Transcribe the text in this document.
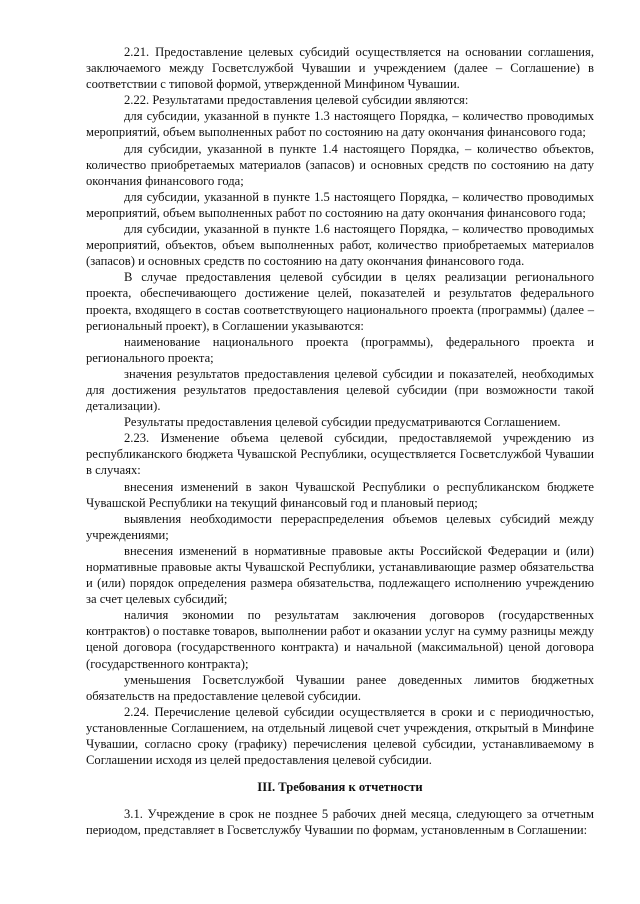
2.21. Предоставление целевых субсидий осуществляется на основании соглашения, заключаемого между Госветслужбой Чувашии и учреждением (далее – Соглашение) в соответствии с типовой формой, утвержденной Минфином Чувашии.

2.22. Результатами предоставления целевой субсидии являются:

для субсидии, указанной в пункте 1.3 настоящего Порядка, – количество проводимых мероприятий, объем выполненных работ по состоянию на дату окончания финансового года;

для субсидии, указанной в пункте 1.4 настоящего Порядка, – количество объектов, количество приобретаемых материалов (запасов) и основных средств по состоянию на дату окончания финансового года;

для субсидии, указанной в пункте 1.5 настоящего Порядка, – количество проводимых мероприятий, объем выполненных работ по состоянию на дату окончания финансового года;

для субсидии, указанной в пункте 1.6 настоящего Порядка, – количество проводимых мероприятий, объектов, объем выполненных работ, количество приобретаемых материалов (запасов) и основных средств по состоянию на дату окончания финансового года.

В случае предоставления целевой субсидии в целях реализации регионального проекта, обеспечивающего достижение целей, показателей и результатов федерального проекта, входящего в состав соответствующего национального проекта (программы) (далее – региональный проект), в Соглашении указываются:

наименование национального проекта (программы), федерального проекта и регионального проекта;

значения результатов предоставления целевой субсидии и показателей, необходимых для достижения результатов предоставления целевой субсидии (при возможности такой детализации).

Результаты предоставления целевой субсидии предусматриваются Соглашением.

2.23. Изменение объема целевой субсидии, предоставляемой учреждению из республиканского бюджета Чувашской Республики, осуществляется Госветслужбой Чувашии в случаях:

внесения изменений в закон Чувашской Республики о республиканском бюджете Чувашской Республики на текущий финансовый год и плановый период;

выявления необходимости перераспределения объемов целевых субсидий между учреждениями;

внесения изменений в нормативные правовые акты Российской Федерации и (или) нормативные правовые акты Чувашской Республики, устанавливающие размер обязательства и (или) порядок определения размера обязательства, подлежащего исполнению учреждению за счет целевых субсидий;

наличия экономии по результатам заключения договоров (государственных контрактов) о поставке товаров, выполнении работ и оказании услуг на сумму разницы между ценой договора (государственного контракта) и начальной (максимальной) ценой договора (государственного контракта);

уменьшения Госветслужбой Чувашии ранее доведенных лимитов бюджетных обязательств на предоставление целевой субсидии.

2.24. Перечисление целевой субсидии осуществляется в сроки и с периодичностью, установленные Соглашением, на отдельный лицевой счет учреждения, открытый в Минфине Чувашии, согласно сроку (графику) перечисления целевой субсидии, устанавливаемому в Соглашении исходя из целей предоставления целевой субсидии.

III. Требования к отчетности

3.1. Учреждение в срок не позднее 5 рабочих дней месяца, следующего за отчетным периодом, представляет в Госветслужбу Чувашии по формам, установленным в Соглашении:
